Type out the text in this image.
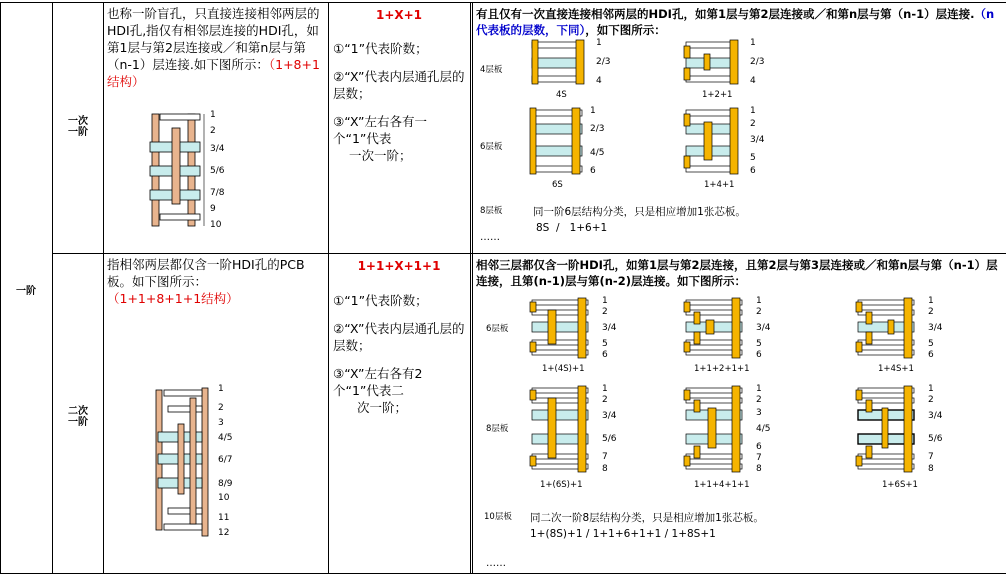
一阶
一次
一阶
也称一阶盲孔，只直接连接相邻两层的HDI孔,指仅有相邻层连接的HDI孔，如第1层与第2层连接或／和第n层与第（n-1）层连接.如下图所示：（1+8+1结构）
1
2
3/4
5/6
7/8
9
10
1+X+1
①“1”代表阶数；
②“X”代表内层通孔层的层数；
③“X”左右各有一个“1”代表
一次一阶；
有且仅有一次直接连接相邻两层的HDI孔，如第1层与第2层连接或／和第n层与第（n-1）层连接.（n代表板的层数，下同），如下图所示：
4层板
6层板
8层板
1
2/3
4
4S
1
2/3
4
1+2+1
1
2/3
4/5
6
6S
1
2
3/4
5
6
1+4+1
同一阶6层结构分类，只是相应增加1张芯板。
8S  /   1+6+1
……
二次
一阶
指相邻两层都仅含一阶HDI孔的PCB板。如下图所示：
（1+1+8+1+1结构）
1
2
3
4/5
6/7
8/9
10
11
12
1+1+X+1+1
①“1”代表阶数；
②“X”代表内层通孔层的层数；
③“X”左右各有2个“1”代表二
次一阶；
相邻三层都仅含一阶HDI孔，如第1层与第2层连接，且第2层与第3层连接或／和第n层与第（n-1）层连接，且第(n-1)层与第(n-2)层连接。如下图所示：
6层板
8层板
10层板
1
2
3/4
5
6
1+(4S)+1
1
2
3/4
5
6
1+1+2+1+1
1
2
3/4
5
6
1+4S+1
1
2
3/4
5/6
7
8
1+(6S)+1
1
2
3
4/5
6
7
8
1+1+4+1+1
1
2
3/4
5/6
7
8
1+6S+1
同二次一阶8层结构分类，只是相应增加1张芯板。
1+(8S)+1 / 1+1+6+1+1 / 1+8S+1
……
